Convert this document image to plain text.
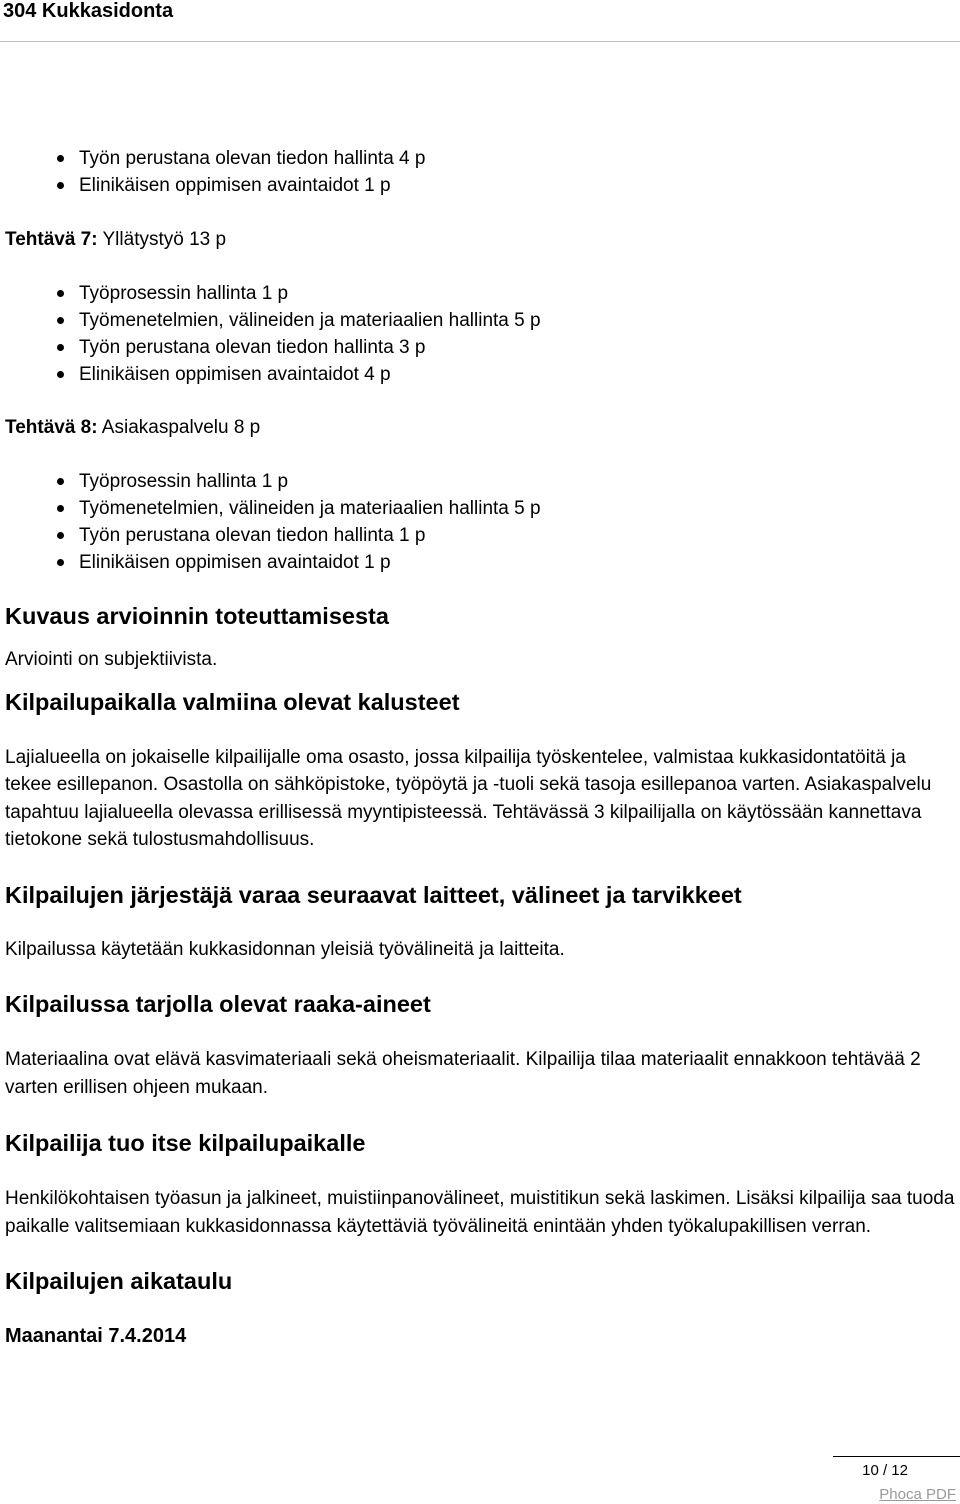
304 Kukkasidonta
Työn perustana olevan tiedon hallinta 4 p
Elinikäisen oppimisen avaintaidot 1 p

Tehtävä 7: Yllätystyö 13 p

Työprosessin hallinta 1 p
Työmenetelmien, välineiden ja materiaalien hallinta 5 p
Työn perustana olevan tiedon hallinta 3 p
Elinikäisen oppimisen avaintaidot 4 p

Tehtävä 8: Asiakaspalvelu 8 p

Työprosessin hallinta 1 p
Työmenetelmien, välineiden ja materiaalien hallinta 5 p
Työn perustana olevan tiedon hallinta 1 p
Elinikäisen oppimisen avaintaidot 1 p
Kuvaus arvioinnin toteuttamisesta

Arviointi on subjektiivista.

Kilpailupaikalla valmiina olevat kalusteet

Lajialueella on jokaiselle kilpailijalle oma osasto, jossa kilpailija työskentelee, valmistaa kukkasidontatöitä ja tekee esillepanon. Osastolla on sähköpistoke, työpöytä ja -tuoli sekä tasoja esillepanoa varten. Asiakaspalvelu tapahtuu lajialueella olevassa erillisessä myyntipisteessä. Tehtävässä 3 kilpailijalla on käytössään kannettava tietokone sekä tulostusmahdollisuus.

Kilpailujen järjestäjä varaa seuraavat laitteet, välineet ja tarvikkeet

Kilpailussa käytetään kukkasidonnan yleisiä työvälineitä ja laitteita.

Kilpailussa tarjolla olevat raaka-aineet

Materiaalina ovat elävä kasvimateriaali sekä oheismateriaalit. Kilpailija tilaa materiaalit ennakkoon tehtävää 2 varten erillisen ohjeen mukaan.

Kilpailija tuo itse kilpailupaikalle

Henkilökohtaisen työasun ja jalkineet, muistiinpanovälineet, muistitikun sekä laskimen. Lisäksi kilpailija saa tuoda paikalle valitsemiaan kukkasidonnassa käytettäviä työvälineitä enintään yhden työkalupakillisen verran.

Kilpailujen aikataulu

Maanantai 7.4.2014

10 / 12
Phoca PDF
